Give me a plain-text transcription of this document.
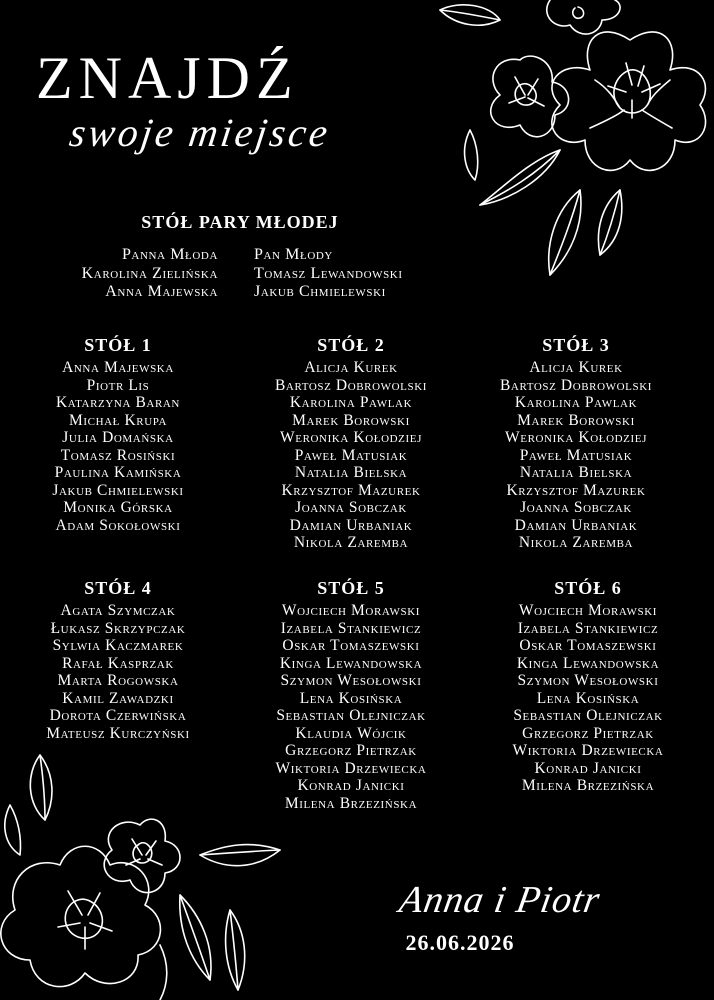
ZNAJDŹ
swoje miejsce
STÓŁ PARY MŁODEJ
Panna Młoda
Karolina Zielińska
Anna Majewska
Pan Młody
Tomasz Lewandowski
Jakub Chmielewski
STÓŁ 1
Anna Majewska
Piotr Lis
Katarzyna Baran
Michał Krupa
Julia Domańska
Tomasz Rosiński
Paulina Kamińska
Jakub Chmielewski
Monika Górska
Adam Sokołowski
STÓŁ 2
Alicja Kurek
Bartosz Dobrowolski
Karolina Pawlak
Marek Borowski
Weronika Kołodziej
Paweł Matusiak
Natalia Bielska
Krzysztof Mazurek
Joanna Sobczak
Damian Urbaniak
Nikola Zaremba
STÓŁ 3
Alicja Kurek
Bartosz Dobrowolski
Karolina Pawlak
Marek Borowski
Weronika Kołodziej
Paweł Matusiak
Natalia Bielska
Krzysztof Mazurek
Joanna Sobczak
Damian Urbaniak
Nikola Zaremba
STÓŁ 4
Agata Szymczak
Łukasz Skrzypczak
Sylwia Kaczmarek
Rafał Kasprzak
Marta Rogowska
Kamil Zawadzki
Dorota Czerwińska
Mateusz Kurczyński
STÓŁ 5
Wojciech Morawski
Izabela Stankiewicz
Oskar Tomaszewski
Kinga Lewandowska
Szymon Wesołowski
Lena Kosińska
Sebastian Olejniczak
Klaudia Wójcik
Grzegorz Pietrzak
Wiktoria Drzewiecka
Konrad Janicki
Milena Brzezińska
STÓŁ 6
Wojciech Morawski
Izabela Stankiewicz
Oskar Tomaszewski
Kinga Lewandowska
Szymon Wesołowski
Lena Kosińska
Sebastian Olejniczak
Grzegorz Pietrzak
Wiktoria Drzewiecka
Konrad Janicki
Milena Brzezińska
Anna i Piotr
26.06.2026
